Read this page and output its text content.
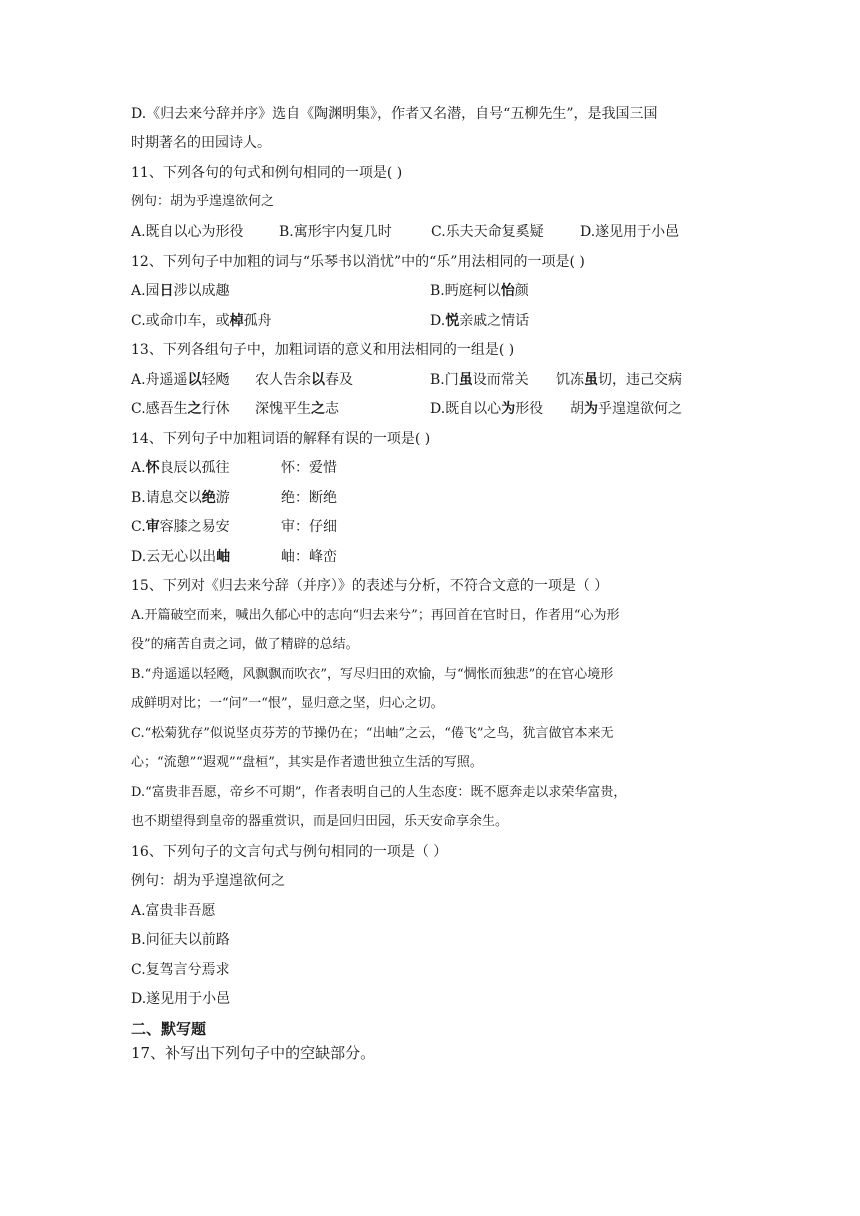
D.《归去来兮辞并序》选自《陶渊明集》，作者又名潜，自号“五柳先生”，是我国三国
时期著名的田园诗人。
11、下列各句的句式和例句相同的一项是( )
例句：胡为乎遑遑欲何之
A.既自以心为形役	B.寓形宇内复几时	C.乐夫天命复奚疑	D.遂见用于小邑
12、下列句子中加粗的词与“乐琴书以消忧”中的“乐”用法相同的一项是( )
A.园日涉以成趣	B.眄庭柯以怡颜
C.或命巾车，或棹孤舟	D.悦亲戚之情话
13、下列各组句子中，加粗词语的意义和用法相同的一组是( )
A.舟遥遥以轻飏 农人告余以春及	B.门虽设而常关 饥冻虽切，违己交病
C.感吾生之行休 深愧平生之志	D.既自以心为形役 胡为乎遑遑欲何之
14、下列句子中加粗词语的解释有误的一项是( )
A.怀良辰以孤往	怀：爱惜
B.请息交以绝游	绝：断绝
C.审容膝之易安	审：仔细
D.云无心以出岫	岫：峰峦
15、下列对《归去来兮辞（并序）》的表述与分析，不符合文意的一项是（ ）
A.开篇破空而来，喊出久郁心中的志向“归去来兮”；再回首在官时日，作者用“心为形
役”的痛苦自责之词，做了精辟的总结。
B.“舟遥遥以轻飏，风飘飘而吹衣”，写尽归田的欢愉，与“惆怅而独悲”的在官心境形
成鲜明对比；一“问”一“恨”，显归意之坚，归心之切。
C.“松菊犹存”似说坚贞芬芳的节操仍在；“出岫”之云，“倦飞”之鸟，犹言做官本来无
心；“流憩”“遐观”“盘桓”，其实是作者遗世独立生活的写照。
D.“富贵非吾愿，帝乡不可期”，作者表明自己的人生态度：既不愿奔走以求荣华富贵，
也不期望得到皇帝的器重赏识，而是回归田园，乐天安命享余生。
16、下列句子的文言句式与例句相同的一项是（ ）
例句：胡为乎遑遑欲何之
A.富贵非吾愿
B.问征夫以前路
C.复驾言兮焉求
D.遂见用于小邑
二、默写题
17、补写出下列句子中的空缺部分。
